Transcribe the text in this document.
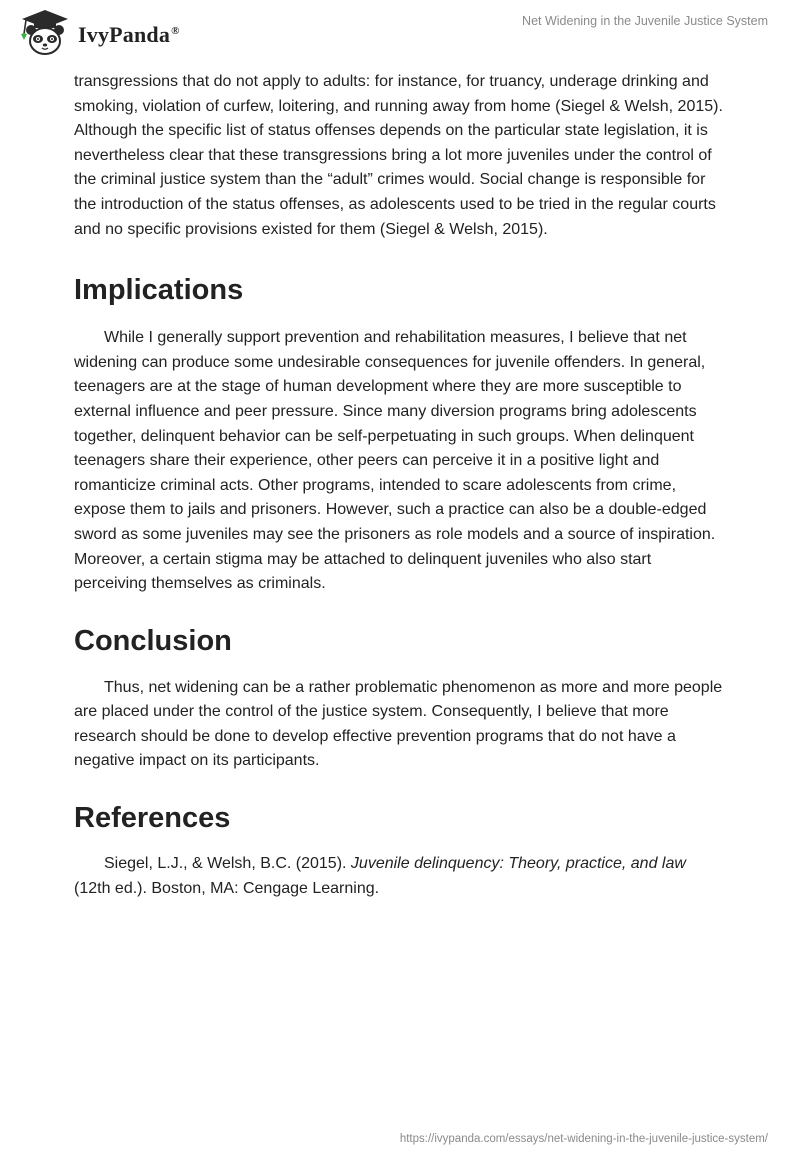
IvyPanda®
Net Widening in the Juvenile Justice System

transgressions that do not apply to adults: for instance, for truancy, underage drinking and smoking, violation of curfew, loitering, and running away from home (Siegel & Welsh, 2015). Although the specific list of status offenses depends on the particular state legislation, it is nevertheless clear that these transgressions bring a lot more juveniles under the control of the criminal justice system than the “adult” crimes would. Social change is responsible for the introduction of the status offenses, as adolescents used to be tried in the regular courts and no specific provisions existed for them (Siegel & Welsh, 2015).

Implications

While I generally support prevention and rehabilitation measures, I believe that net widening can produce some undesirable consequences for juvenile offenders. In general, teenagers are at the stage of human development where they are more susceptible to external influence and peer pressure. Since many diversion programs bring adolescents together, delinquent behavior can be self-perpetuating in such groups. When delinquent teenagers share their experience, other peers can perceive it in a positive light and romanticize criminal acts. Other programs, intended to scare adolescents from crime, expose them to jails and prisoners. However, such a practice can also be a double-edged sword as some juveniles may see the prisoners as role models and a source of inspiration. Moreover, a certain stigma may be attached to delinquent juveniles who also start perceiving themselves as criminals.

Conclusion

Thus, net widening can be a rather problematic phenomenon as more and more people are placed under the control of the justice system. Consequently, I believe that more research should be done to develop effective prevention programs that do not have a negative impact on its participants.

References

Siegel, L.J., & Welsh, B.C. (2015). Juvenile delinquency: Theory, practice, and law (12th ed.). Boston, MA: Cengage Learning.

https://ivypanda.com/essays/net-widening-in-the-juvenile-justice-system/
